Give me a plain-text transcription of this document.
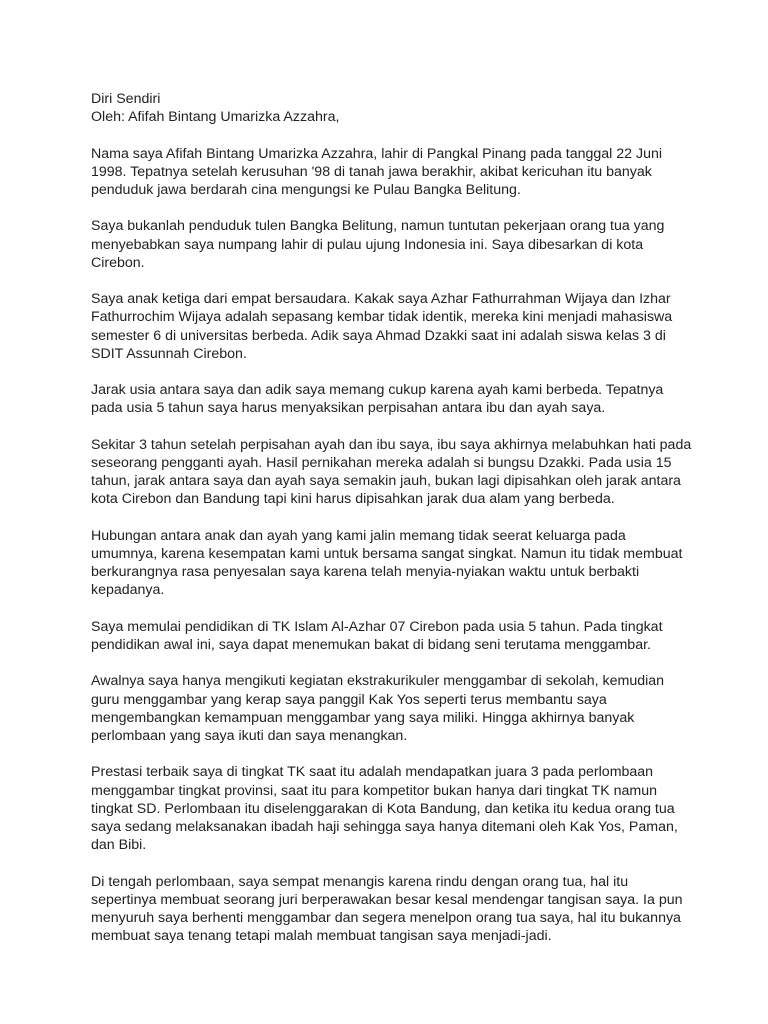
Diri Sendiri
Oleh: Afifah Bintang Umarizka Azzahra,
Nama saya Afifah Bintang Umarizka Azzahra, lahir di Pangkal Pinang pada tanggal 22 Juni
1998. Tepatnya setelah kerusuhan '98 di tanah jawa berakhir, akibat kericuhan itu banyak
penduduk jawa berdarah cina mengungsi ke Pulau Bangka Belitung.
Saya bukanlah penduduk tulen Bangka Belitung, namun tuntutan pekerjaan orang tua yang
menyebabkan saya numpang lahir di pulau ujung Indonesia ini. Saya dibesarkan di kota
Cirebon.
Saya anak ketiga dari empat bersaudara. Kakak saya Azhar Fathurrahman Wijaya dan Izhar
Fathurrochim Wijaya adalah sepasang kembar tidak identik, mereka kini menjadi mahasiswa
semester 6 di universitas berbeda. Adik saya Ahmad Dzakki saat ini adalah siswa kelas 3 di
SDIT Assunnah Cirebon.
Jarak usia antara saya dan adik saya memang cukup karena ayah kami berbeda. Tepatnya
pada usia 5 tahun saya harus menyaksikan perpisahan antara ibu dan ayah saya.
Sekitar 3 tahun setelah perpisahan ayah dan ibu saya, ibu saya akhirnya melabuhkan hati pada
seseorang pengganti ayah. Hasil pernikahan mereka adalah si bungsu Dzakki. Pada usia 15
tahun, jarak antara saya dan ayah saya semakin jauh, bukan lagi dipisahkan oleh jarak antara
kota Cirebon dan Bandung tapi kini harus dipisahkan jarak dua alam yang berbeda.
Hubungan antara anak dan ayah yang kami jalin memang tidak seerat keluarga pada
umumnya, karena kesempatan kami untuk bersama sangat singkat. Namun itu tidak membuat
berkurangnya rasa penyesalan saya karena telah menyia-nyiakan waktu untuk berbakti
kepadanya.
Saya memulai pendidikan di TK Islam Al-Azhar 07 Cirebon pada usia 5 tahun. Pada tingkat
pendidikan awal ini, saya dapat menemukan bakat di bidang seni terutama menggambar.
Awalnya saya hanya mengikuti kegiatan ekstrakurikuler menggambar di sekolah, kemudian
guru menggambar yang kerap saya panggil Kak Yos seperti terus membantu saya
mengembangkan kemampuan menggambar yang saya miliki. Hingga akhirnya banyak
perlombaan yang saya ikuti dan saya menangkan.
Prestasi terbaik saya di tingkat TK saat itu adalah mendapatkan juara 3 pada perlombaan
menggambar tingkat provinsi, saat itu para kompetitor bukan hanya dari tingkat TK namun
tingkat SD. Perlombaan itu diselenggarakan di Kota Bandung, dan ketika itu kedua orang tua
saya sedang melaksanakan ibadah haji sehingga saya hanya ditemani oleh Kak Yos, Paman,
dan Bibi.
Di tengah perlombaan, saya sempat menangis karena rindu dengan orang tua, hal itu
sepertinya membuat seorang juri berperawakan besar kesal mendengar tangisan saya. Ia pun
menyuruh saya berhenti menggambar dan segera menelpon orang tua saya, hal itu bukannya
membuat saya tenang tetapi malah membuat tangisan saya menjadi-jadi.
